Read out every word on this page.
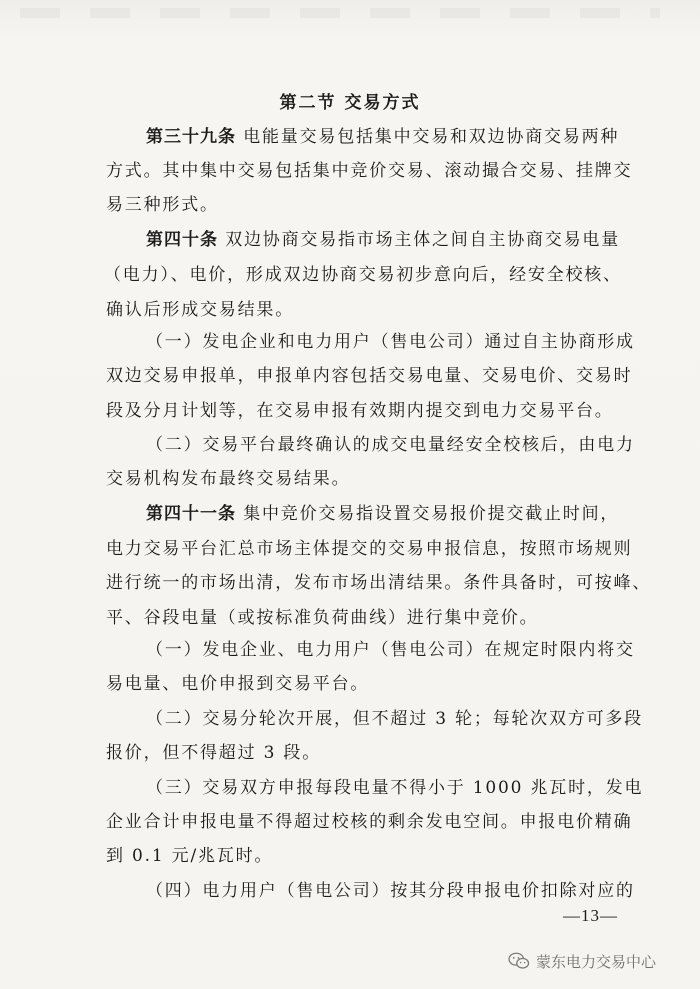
第二节 交易方式
第三十九条 电能量交易包括集中交易和双边协商交易两种
方式。其中集中交易包括集中竞价交易、滚动撮合交易、挂牌交
易三种形式。
第四十条 双边协商交易指市场主体之间自主协商交易电量
（电力）、电价，形成双边协商交易初步意向后，经安全校核、
确认后形成交易结果。
（一）发电企业和电力用户（售电公司）通过自主协商形成
双边交易申报单，申报单内容包括交易电量、交易电价、交易时
段及分月计划等，在交易申报有效期内提交到电力交易平台。
（二）交易平台最终确认的成交电量经安全校核后，由电力
交易机构发布最终交易结果。
第四十一条 集中竞价交易指设置交易报价提交截止时间，
电力交易平台汇总市场主体提交的交易申报信息，按照市场规则
进行统一的市场出清，发布市场出清结果。条件具备时，可按峰、
平、谷段电量（或按标准负荷曲线）进行集中竞价。
（一）发电企业、电力用户（售电公司）在规定时限内将交
易电量、电价申报到交易平台。
（二）交易分轮次开展，但不超过 3 轮；每轮次双方可多段
报价，但不得超过 3 段。
（三）交易双方申报每段电量不得小于 1000 兆瓦时，发电
企业合计申报电量不得超过校核的剩余发电空间。申报电价精确
到 0.1 元/兆瓦时。
（四）电力用户（售电公司）按其分段申报电价扣除对应的
—13—
蒙东电力交易中心
